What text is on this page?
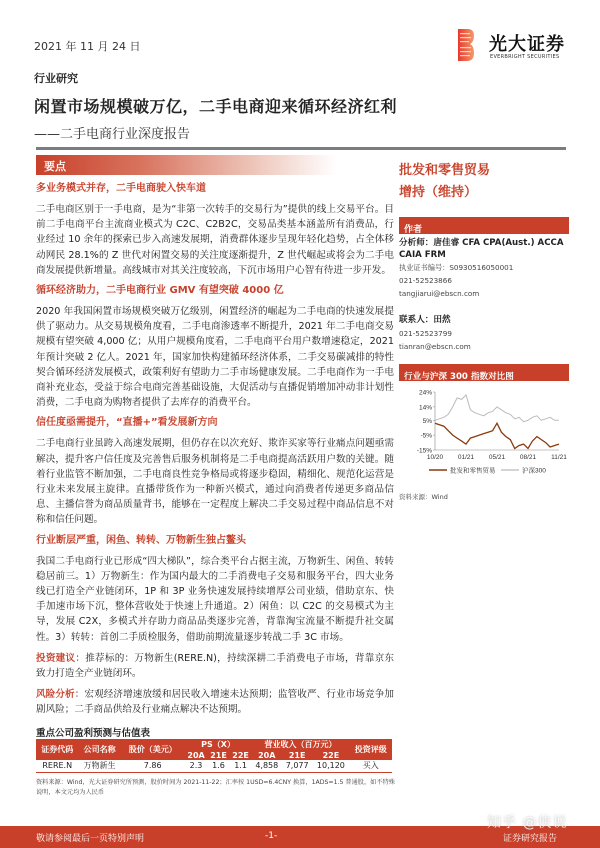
2021 年 11 月 24 日	光大证券
EVERBRIGHT SECURITIES
行业研究
闲置市场规模破万亿，二手电商迎来循环经济红利
——二手电商行业深度报告
要点
多业务模式并存，二手电商驶入快车道
二手电商区别于一手电商，是为“非第一次转手的交易行为”提供的线上交易平台。目前二手电商平台主流商业模式为 C2C、C2B2C，交易品类基本涵盖所有消费品，行业经过 10 余年的探索已步入高速发展期，消费群体逐步呈现年轻化趋势，占全体移动网民 28.1%的 Z 世代对闲置交易的关注度逐渐提升，Z 世代崛起或将会为二手电商发展提供新增量。高线城市对其关注度较高，下沉市场用户心智有待进一步开发。
循环经济助力，二手电商行业 GMV 有望突破 4000 亿
2020 年我国闲置市场规模突破万亿级别，闲置经济的崛起为二手电商的快速发展提供了驱动力。从交易规模角度看，二手电商渗透率不断提升，2021 年二手电商交易规模有望突破 4,000 亿；从用户规模角度看，二手电商平台用户数增速稳定，2021 年预计突破 2 亿人。2021 年，国家加快构建循环经济体系，二手交易碳减排的特性契合循环经济发展模式，政策利好有望助力二手市场健康发展。二手电商作为一手电商补充业态，受益于综合电商完善基础设施，大促活动与直播促销增加冲动非计划性消费，二手电商为购物者提供了去库存的消费平台。
信任度亟需提升，“直播+”看发展新方向
二手电商行业虽跨入高速发展期，但仍存在以次充好、欺诈买家等行业痛点问题亟需解决，提升客户信任度及完善售后服务机制将是二手电商提高活跃用户数的关键。随着行业监管不断加强，二手电商良性竞争格局或将逐步稳固，精细化、规范化运营是行业未来发展主旋律。直播带货作为一种新兴模式，通过向消费者传递更多商品信息、主播信誉为商品质量背书，能够在一定程度上解决二手交易过程中商品信息不对称和信任问题。
行业断层严重，闲鱼、转转、万物新生独占鳌头
我国二手电商行业已形成“四大梯队”，综合类平台占据主流，万物新生、闲鱼、转转稳居前三。1）万物新生：作为国内最大的二手消费电子交易和服务平台，四大业务线已打造全产业链闭环，1P 和 3P 业务快速发展持续增厚公司业绩，借助京东、快手加速市场下沉，整体营收处于快速上升通道。2）闲鱼：以 C2C 的交易模式为主导，发展 C2X，多模式并存助力商品品类逐步完善，背靠淘宝流量不断提升社交属性。3）转转：首创二手质检服务，借助前期流量逐步转战二手 3C 市场。
投资建议：推荐标的：万物新生(RERE.N)，持续深耕二手消费电子市场，背靠京东致力打造全产业链闭环。
风险分析：宏观经济增速放缓和居民收入增速未达预期；监管收严、行业市场竞争加剧风险；二手商品供给及行业痛点解决不达预期。
批发和零售贸易
增持（维持）
作者
分析师：唐佳睿 CFA CPA(Aust.) ACCA CAIA FRM
执业证书编号：S0930516050001
021-52523866
tangjiarui@ebscn.com
联系人：田然
021-52523799
tianran@ebscn.com
行业与沪深 300 指数对比图
24%
14%
5%
-5%
-15%
10/20 01/21 05/21 08/21 11/21
批发和零售贸易	沪深300
资料来源：Wind
重点公司盈利预测与估值表
证券代码	公司名称	股价（美元）	PS（X）			营业收入（百万元）			投资评级
			20A	21E	22E	20A	21E	22E	
RERE.N	万物新生	7.86	2.3	1.6	1.1	4,858	7,077	10,120	买入
资料来源：Wind，光大证券研究所预测，股价时间为 2021-11-22；汇率按 1USD=6.4CNY 换算，1ADS=1.5 普通股，如不特殊说明，本文元均为人民币
敬请参阅最后一页特别声明	-1-	证券研究报告
知乎 @侠说
